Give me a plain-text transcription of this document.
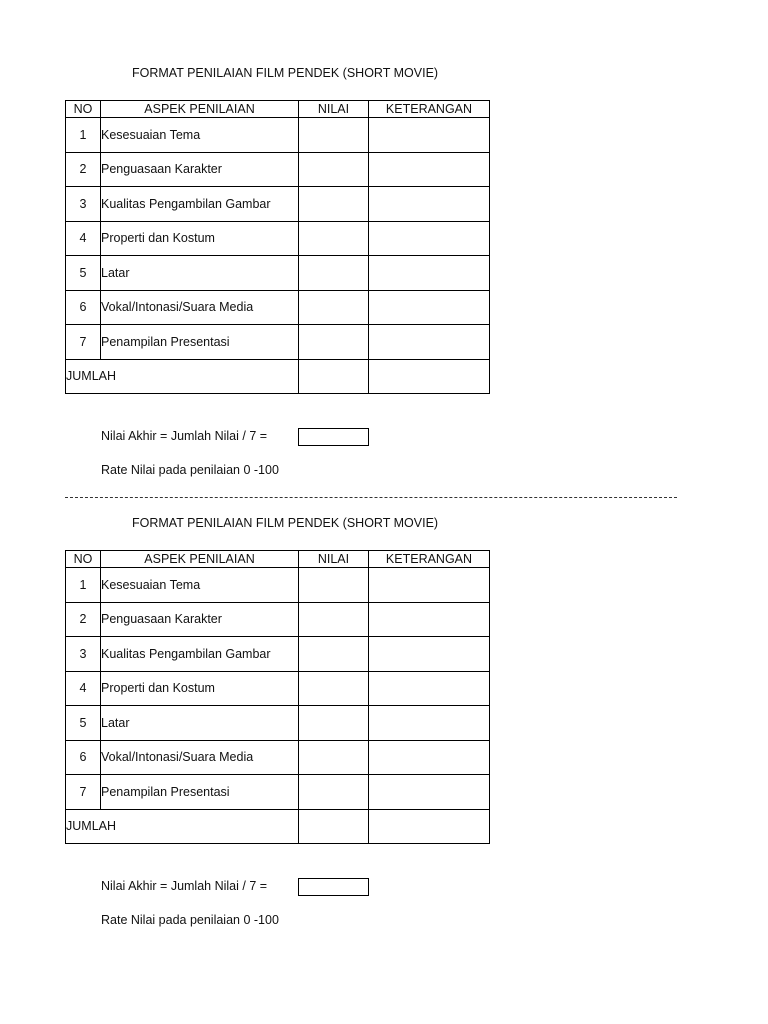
FORMAT PENILAIAN FILM PENDEK (SHORT MOVIE)
NO	ASPEK PENILAIAN	NILAI	KETERANGAN
1	Kesesuaian Tema		
2	Penguasaan Karakter		
3	Kualitas Pengambilan Gambar		
4	Properti dan Kostum		
5	Latar		
6	Vokal/Intonasi/Suara Media		
7	Penampilan Presentasi		
JUMLAH			
Nilai Akhir = Jumlah Nilai / 7 =
Rate Nilai pada penilaian 0 -100
FORMAT PENILAIAN FILM PENDEK (SHORT MOVIE)
NO	ASPEK PENILAIAN	NILAI	KETERANGAN
1	Kesesuaian Tema		
2	Penguasaan Karakter		
3	Kualitas Pengambilan Gambar		
4	Properti dan Kostum		
5	Latar		
6	Vokal/Intonasi/Suara Media		
7	Penampilan Presentasi		
JUMLAH			
Nilai Akhir = Jumlah Nilai / 7 =
Rate Nilai pada penilaian 0 -100
